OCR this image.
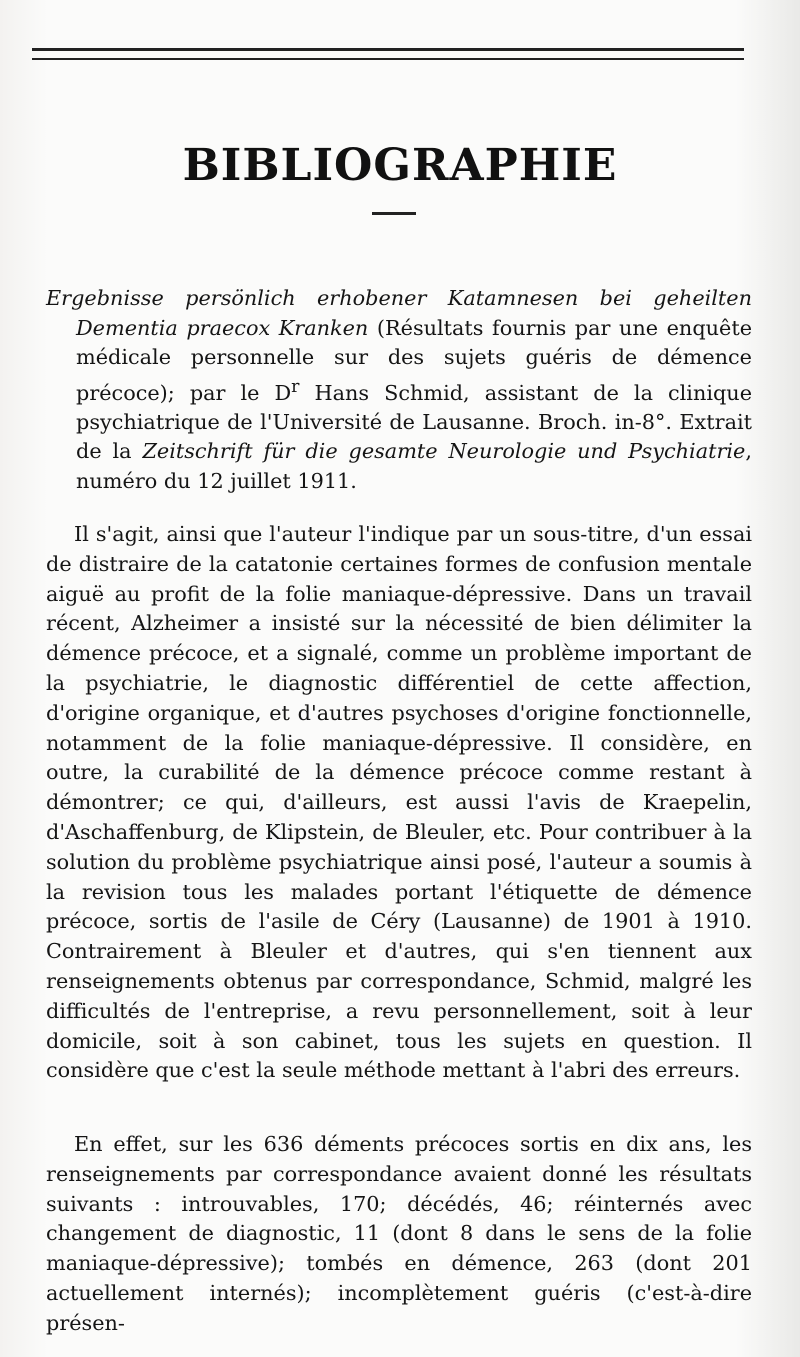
BIBLIOGRAPHIE

Ergebnisse persönlich erhobener Katamnesen bei geheilten Dementia praecox Kranken (Résultats fournis par une enquête médicale personnelle sur des sujets guéris de démence précoce); par le $D^r$ Hans Schmid, assistant de la clinique psychiatrique de l'Université de Lausanne. Broch. in-8°. Extrait de la Zeitschrift für die gesamte Neurologie und Psychiatrie, numéro du 12 juillet 1911.

Il s'agit, ainsi que l'auteur l'indique par un sous-titre, d'un essai de distraire de la catatonie certaines formes de confusion mentale aiguë au profit de la folie maniaque-dépressive. Dans un travail récent, Alzheimer a insisté sur la nécessité de bien délimiter la démence précoce, et a signalé, comme un problème important de la psychiatrie, le diagnostic différentiel de cette affection, d'origine organique, et d'autres psychoses d'origine fonctionnelle, notamment de la folie maniaque-dépressive. Il considère, en outre, la curabilité de la démence précoce comme restant à démontrer; ce qui, d'ailleurs, est aussi l'avis de Kraepelin, d'Aschaffenburg, de Klipstein, de Bleuler, etc. Pour contribuer à la solution du problème psychiatrique ainsi posé, l'auteur a soumis à la revision tous les malades portant l'étiquette de démence précoce, sortis de l'asile de Céry (Lausanne) de 1901 à 1910. Contrairement à Bleuler et d'autres, qui s'en tiennent aux renseignements obtenus par correspondance, Schmid, malgré les difficultés de l'entreprise, a revu personnellement, soit à leur domicile, soit à son cabinet, tous les sujets en question. Il considère que c'est la seule méthode mettant à l'abri des erreurs.

En effet, sur les 636 déments précoces sortis en dix ans, les renseignements par correspondance avaient donné les résultats suivants : introuvables, 170; décédés, 46; réinternés avec changement de diagnostic, 11 (dont 8 dans le sens de la folie maniaque-dépressive); tombés en démence, 263 (dont 201 actuellement internés); incomplètement guéris (c'est-à-dire présen-
